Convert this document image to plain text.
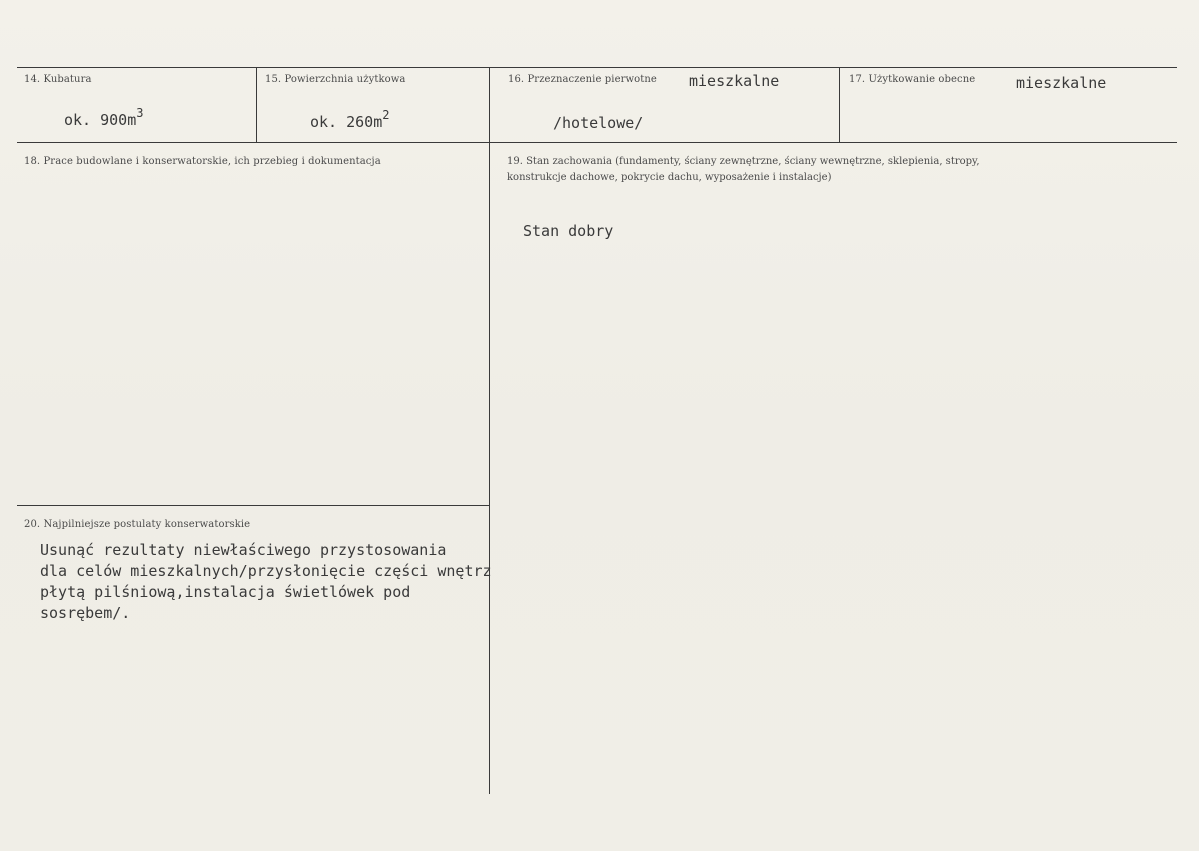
14. Kubatura
ok. $900m^3$
15. Powierzchnia użytkowa
ok. $260m^2$
16. Przeznaczenie pierwotne mieszkalne
/hotelowe/
17. Użytkowanie obecne	mieszkalne
18. Prace budowlane i konserwatorskie, ich przebieg i dokumentacja	19. Stan zachowania (fundamenty, ściany zewnętrzne, ściany wewnętrzne, sklepienia, stropy,
konstrukcje dachowe, pokrycie dachu, wyposażenie i instalacje)
Stan dobry
20. Najpilniejsze postulaty konserwatorskie
Usunąć rezultaty niewłaściwego przystosowania
dla celów mieszkalnych/przysłonięcie części wnętrz
płytą pilśniową,instalacja świetlówek pod
sosrębem/.
